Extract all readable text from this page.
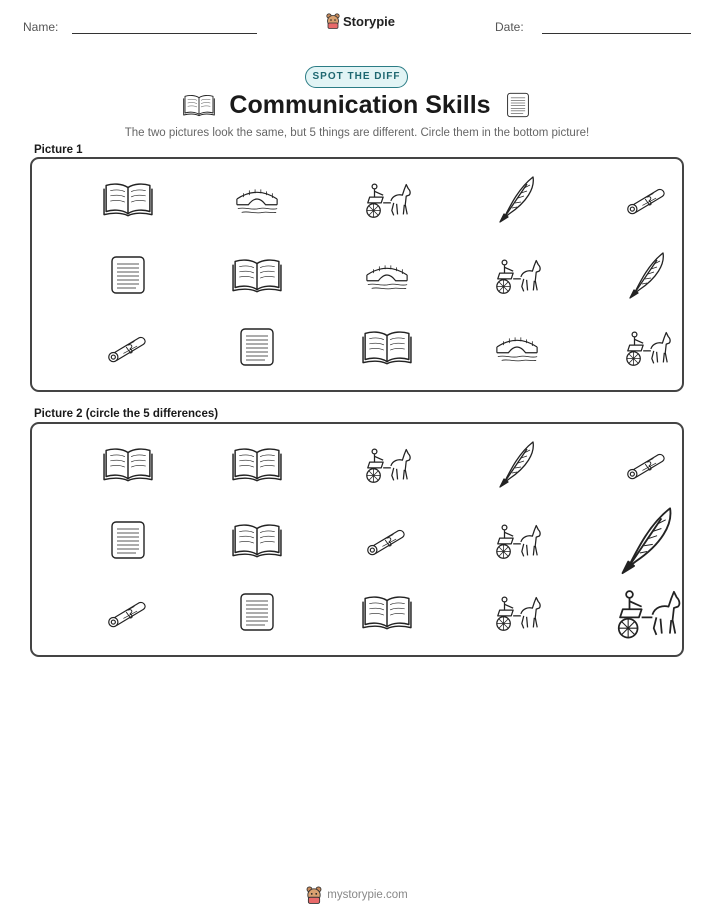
Name:	Storypie	Date:
SPOT THE DIFF
Communication Skills
The two pictures look the same, but 5 things are different. Circle them in the bottom picture!
Picture 1
Picture 2 (circle the 5 differences)
mystorypie.com
